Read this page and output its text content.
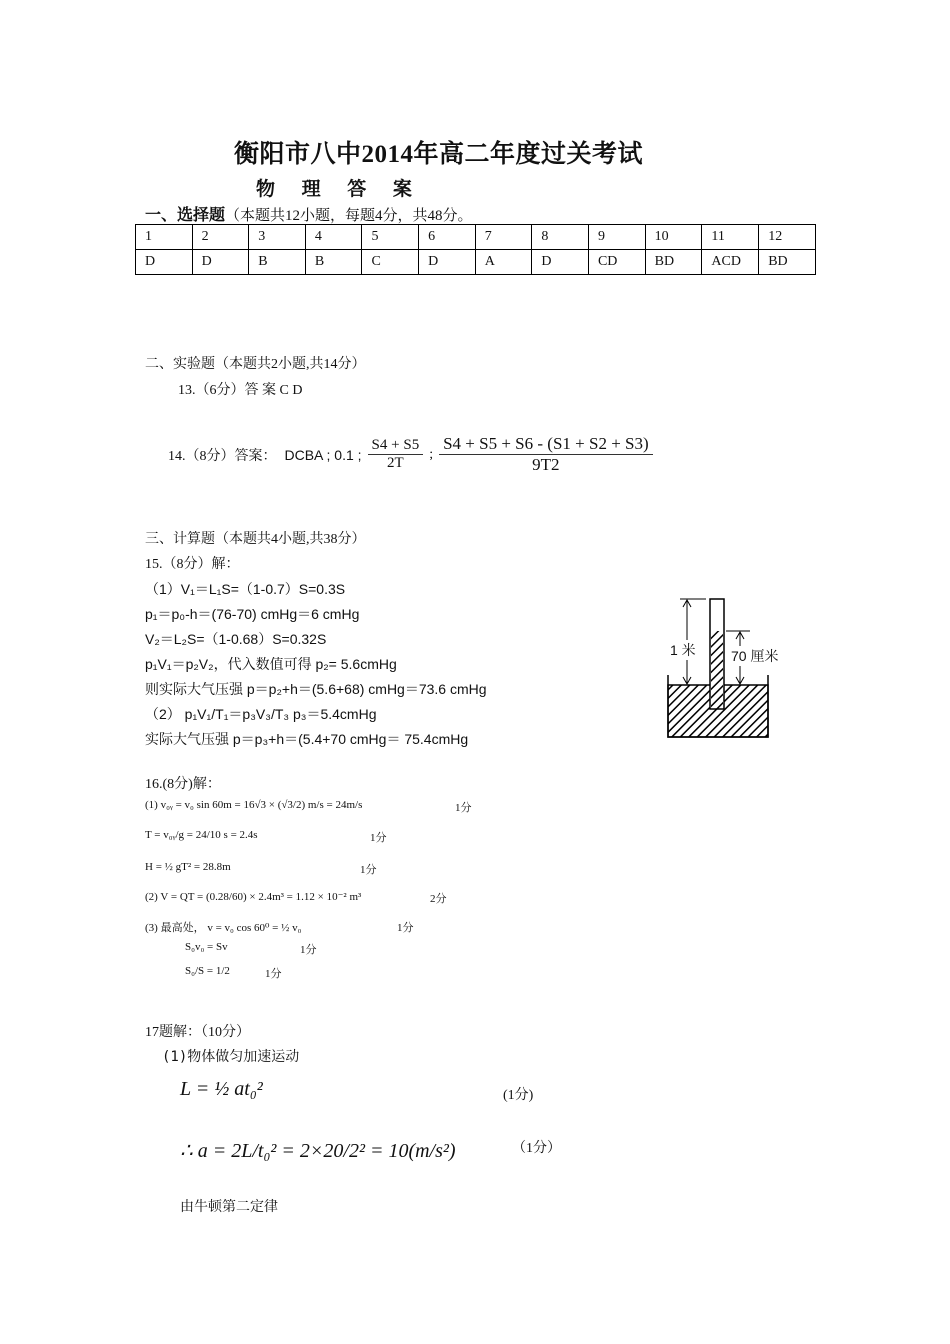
衡阳市八中2014年高二年度过关考试
物 理 答 案
一、选择题（本题共12小题，每题4分，共48分。
1	2	3	4	5	6	7	8	9	10	11	12
D	D	B	B	C	D	A	D	CD	BD	ACD	BD
二、实验题（本题共2小题,共14分）
13.（6分）答 案 C D
14.（8分）答案： DCBA ; 0.1 ; $\frac{S4 + S5}{2T}$ ; $\frac{S4 + S5 + S6 - (S1 + S2 + S3)}{9T2}$
三、计算题（本题共4小题,共38分）
15.（8分）解：
（1）V₁＝L₁S=（1-0.7）S=0.3S
p₁＝p₀-h＝(76-70) cmHg＝6 cmHg
V₂＝L₂S=（1-0.68）S=0.32S
p₁V₁＝p₂V₂，代入数值可得 p₂= 5.6cmHg
则实际大气压强 p＝p₂+h＝(5.6+68) cmHg＝73.6 cmHg
（2） p₁V₁/T₁＝p₃V₃/T₃ p₃＝5.4cmHg
实际大气压强 p＝p₃+h＝(5.4+70 cmHg＝ 75.4cmHg
1 米	70 厘米
16.(8分)解：
(1) v₀ᵧ = v₀ sin 60m = 16√3 × (√3/2) m/s = 24m/s	1分
T = v₀ᵧ/g = 24/10 s = 2.4s	1分
H = ½ gT² = 28.8m	1分
(2) V = QT = (0.28/60) × 2.4m³ = 1.12 × 10⁻² m³	2分
(3) 最高处， v = v₀ cos 60⁰ = ½ v₀	1分
S₀v₀ = Sv	1分
S₀/S = 1/2	1分
17题解：（10分）
(1)物体做匀加速运动
L = ½ at₀²	(1分)
∴ a = 2L/t₀² = 2×20/2² = 10(m/s²)	（1分）
由牛顿第二定律
